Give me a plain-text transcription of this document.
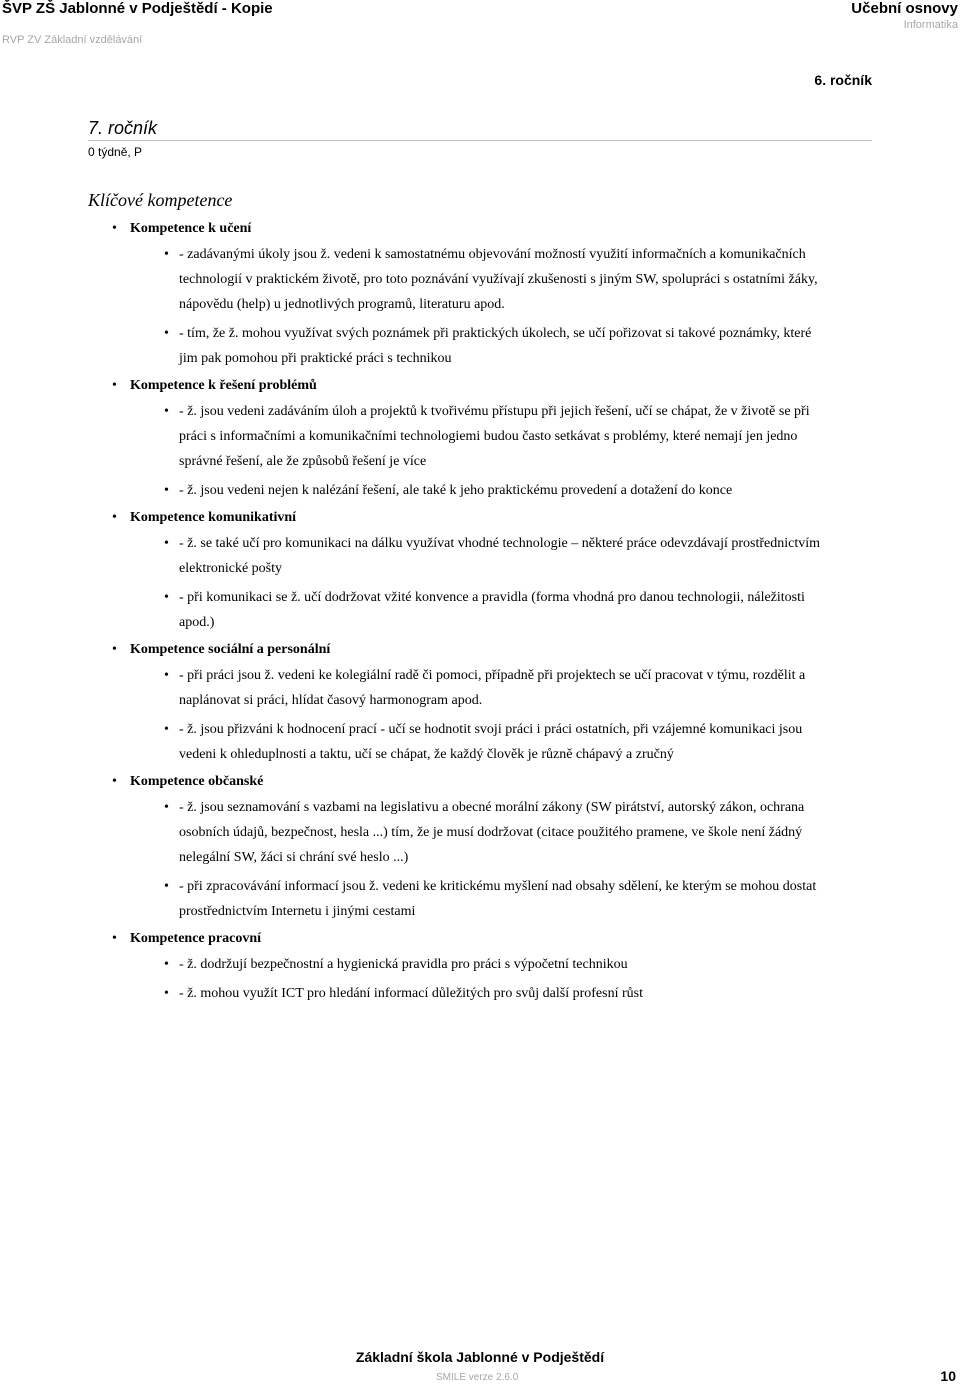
ŠVP ZŠ Jablonné v Podještědí - Kopie
RVP ZV Základní vzdělávání
Učební osnovy
Informatika
6. ročník
7. ročník
0 týdně, P
Klíčové kompetence
• Kompetence k učení
• - zadávanými úkoly jsou ž. vedeni k samostatnému objevování možností využití informačních a komunikačních technologií v praktickém životě, pro toto poznávání využívají zkušenosti s jiným SW, spolupráci s ostatními žáky, nápovědu (help) u jednotlivých programů, literaturu apod.
• - tím, že ž. mohou využívat svých poznámek při praktických úkolech, se učí pořizovat si takové poznámky, které jim pak pomohou při praktické práci s technikou
• Kompetence k řešení problémů
• - ž. jsou vedeni zadáváním úloh a projektů k tvořivému přístupu při jejich řešení, učí se chápat, že v životě se při práci s informačními a komunikačními technologiemi budou často setkávat s problémy, které nemají jen jedno správné řešení, ale že způsobů řešení je více
• - ž. jsou vedeni nejen k nalézání řešení, ale také k jeho praktickému provedení a dotažení do konce
• Kompetence komunikativní
• - ž. se také učí pro komunikaci na dálku využívat vhodné technologie – některé práce odevzdávají prostřednictvím elektronické pošty
• - při komunikaci se ž. učí dodržovat vžité konvence a pravidla (forma vhodná pro danou technologii, náležitosti apod.)
• Kompetence sociální a personální
• - při práci jsou ž. vedeni ke kolegiální radě či pomoci, případně při projektech se učí pracovat v týmu, rozdělit a naplánovat si práci, hlídat časový harmonogram apod.
• - ž. jsou přizváni k hodnocení prací - učí se hodnotit svoji práci i práci ostatních, při vzájemné komunikaci jsou vedeni k ohleduplnosti a taktu, učí se chápat, že každý člověk je různě chápavý a zručný
• Kompetence občanské
• - ž. jsou seznamování s vazbami na legislativu a obecné morální zákony (SW pirátství, autorský zákon, ochrana osobních údajů, bezpečnost, hesla ...) tím, že je musí dodržovat (citace použitého pramene, ve škole není žádný nelegální SW, žáci si chrání své heslo ...)
• - při zpracovávání informací jsou ž. vedeni ke kritickému myšlení nad obsahy sdělení, ke kterým se mohou dostat prostřednictvím Internetu i jinými cestami
• Kompetence pracovní
• - ž. dodržují bezpečnostní a hygienická pravidla pro práci s výpočetní technikou
• - ž. mohou využít ICT pro hledání informací důležitých pro svůj další profesní růst
Základní škola Jablonné v Podještědí
SMILE verze 2.6.0	10
